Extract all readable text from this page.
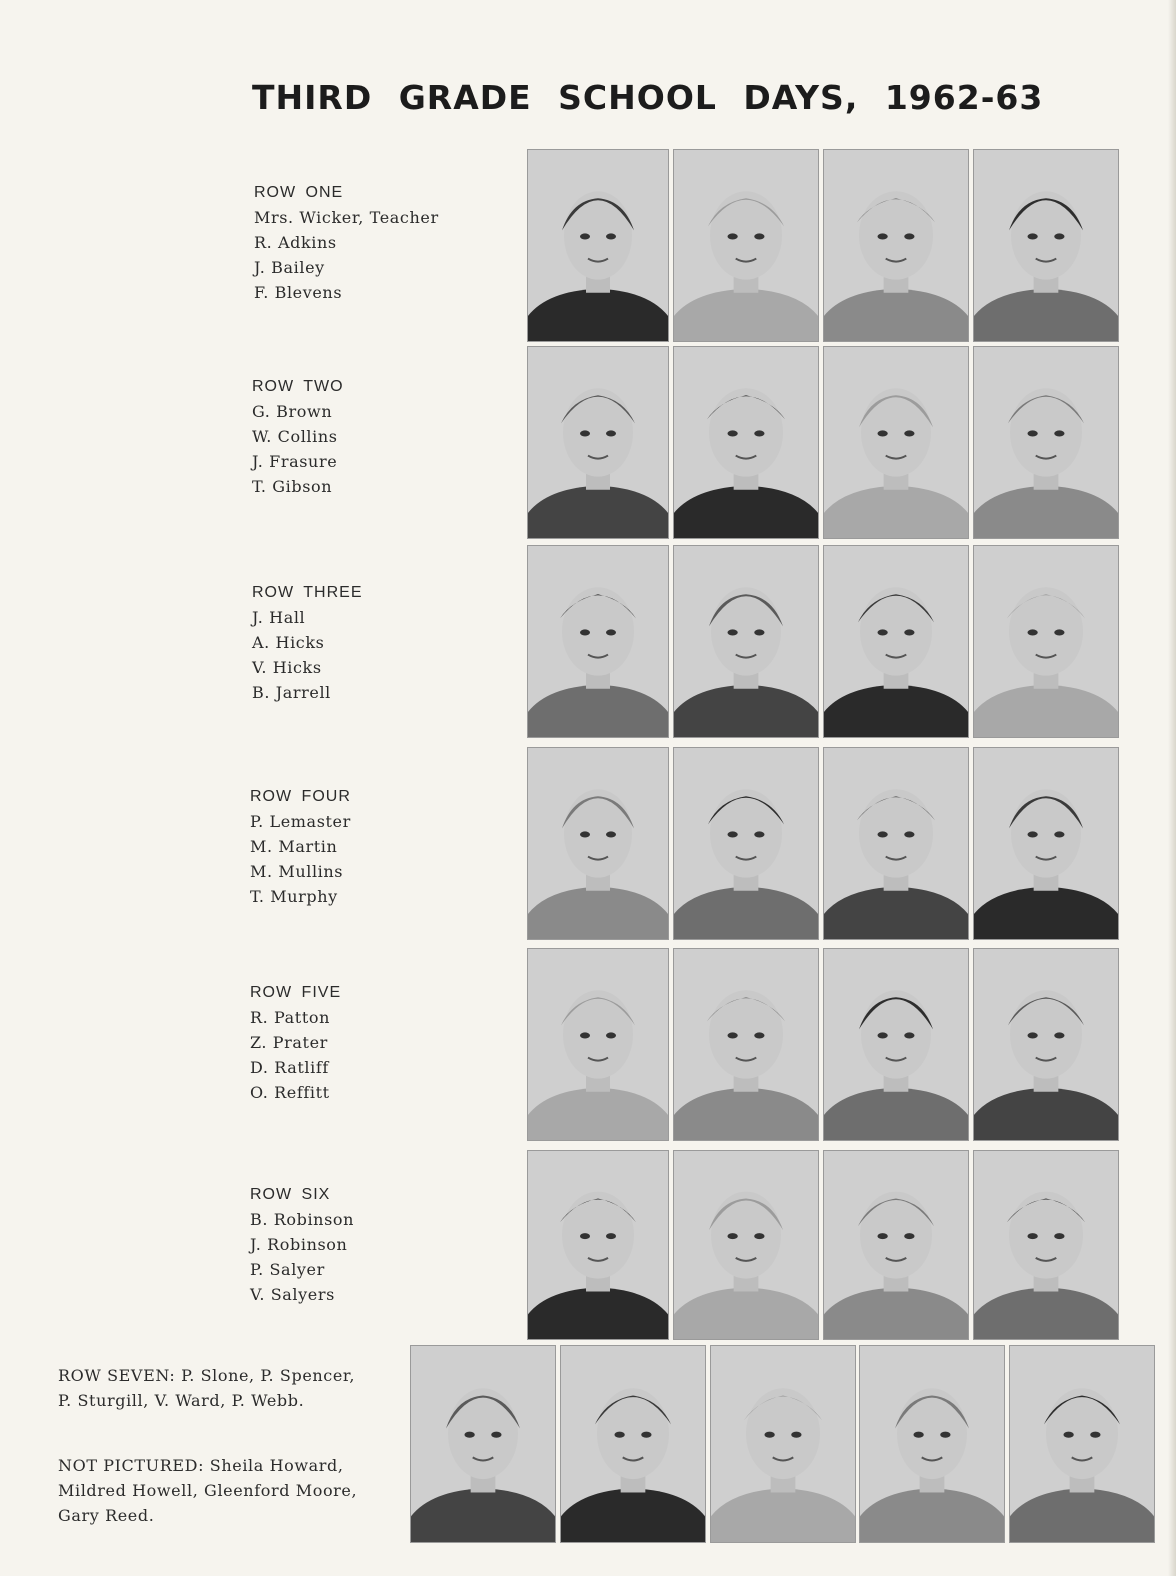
THIRD GRADE SCHOOL DAYS, 1962-63
ROW ONE
Mrs. Wicker, Teacher
R. Adkins
J. Bailey
F. Blevens
ROW TWO
G. Brown
W. Collins
J. Frasure
T. Gibson
ROW THREE
J. Hall
A. Hicks
V. Hicks
B. Jarrell
ROW FOUR
P. Lemaster
M. Martin
M. Mullins
T. Murphy
ROW FIVE
R. Patton
Z. Prater
D. Ratliff
O. Reffitt
ROW SIX
B. Robinson
J. Robinson
P. Salyer
V. Salyers
ROW SEVEN: P. Slone, P. Spencer, P. Sturgill, V. Ward, P. Webb.
NOT PICTURED: Sheila Howard, Mildred Howell, Gleenford Moore, Gary Reed.
